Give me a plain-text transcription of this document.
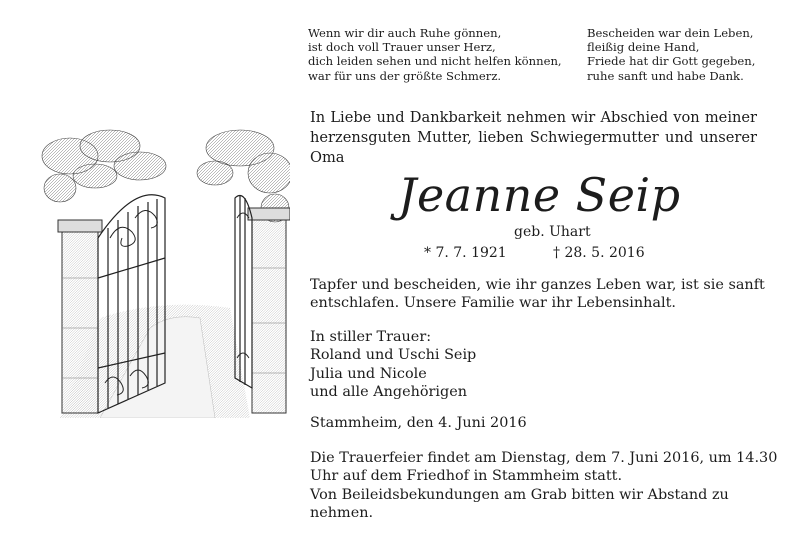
Wenn wir dir auch Ruhe gönnen,
ist doch voll Trauer unser Herz,
dich leiden sehen und nicht helfen können,
war für uns der größte Schmerz.
Bescheiden war dein Leben,
fleißig deine Hand,
Friede hat dir Gott gegeben,
ruhe sanft und habe Dank.
In Liebe und Dankbarkeit nehmen wir Abschied von meiner
herzensguten Mutter, lieben Schwiegermutter und unserer Oma
Jeanne Seip
geb. Uhart
* 7. 7. 1921	† 28. 5. 2016
Tapfer und bescheiden, wie ihr ganzes Leben war, ist sie sanft
entschlafen. Unsere Familie war ihr Lebensinhalt.
In stiller Trauer:
Roland und Uschi Seip
Julia und Nicole
und alle Angehörigen
Stammheim, den 4. Juni 2016
Die Trauerfeier findet am Dienstag, dem 7. Juni 2016, um 14.30
Uhr auf dem Friedhof in Stammheim statt.
Von Beileidsbekundungen am Grab bitten wir Abstand zu
nehmen.
